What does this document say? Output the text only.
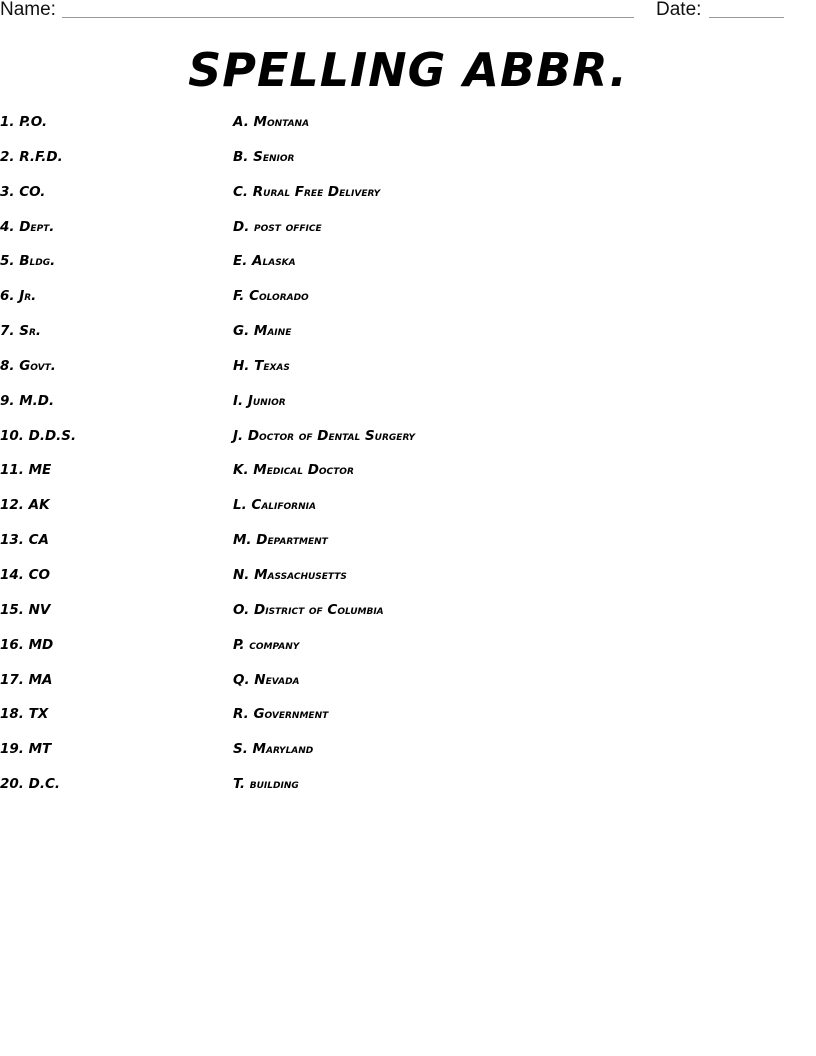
Name:	Date:
SPELLING ABBR.
1. P.O.
2. R.F.D.
3. CO.
4. Dept.
5. Bldg.
6. Jr.
7. Sr.
8. Govt.
9. M.D.
10. D.D.S.
11. ME
12. AK
13. CA
14. CO
15. NV
16. MD
17. MA
18. TX
19. MT
20. D.C.
A. Montana
B. Senior
C. Rural Free Delivery
D. post office
E. Alaska
F. Colorado
G. Maine
H. Texas
I. Junior
J. Doctor of Dental Surgery
K. Medical Doctor
L. California
M. Department
N. Massachusetts
O. District of Columbia
P. company
Q. Nevada
R. Government
S. Maryland
T. building
